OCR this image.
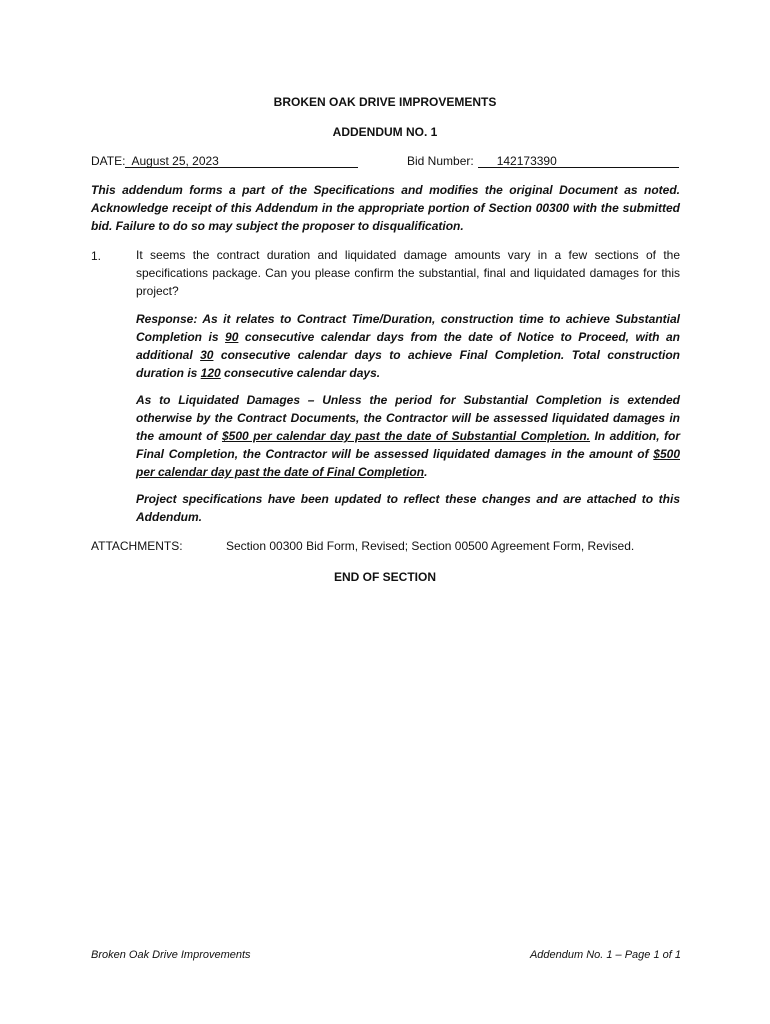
BROKEN OAK DRIVE IMPROVEMENTS
ADDENDUM NO. 1
DATE: August 25, 2023	Bid Number: 142173390
This addendum forms a part of the Specifications and modifies the original Document as noted. Acknowledge receipt of this Addendum in the appropriate portion of Section 00300 with the submitted bid. Failure to do so may subject the proposer to disqualification.
1.	It seems the contract duration and liquidated damage amounts vary in a few sections of the specifications package. Can you please confirm the substantial, final and liquidated damages for this project?
Response: As it relates to Contract Time/Duration, construction time to achieve Substantial Completion is 90 consecutive calendar days from the date of Notice to Proceed, with an additional 30 consecutive calendar days to achieve Final Completion. Total construction duration is 120 consecutive calendar days.
As to Liquidated Damages – Unless the period for Substantial Completion is extended otherwise by the Contract Documents, the Contractor will be assessed liquidated damages in the amount of $500 per calendar day past the date of Substantial Completion. In addition, for Final Completion, the Contractor will be assessed liquidated damages in the amount of $500 per calendar day past the date of Final Completion.
Project specifications have been updated to reflect these changes and are attached to this Addendum.
ATTACHMENTS:	Section 00300 Bid Form, Revised; Section 00500 Agreement Form, Revised.
END OF SECTION
Broken Oak Drive Improvements	Addendum No. 1 – Page 1 of 1
